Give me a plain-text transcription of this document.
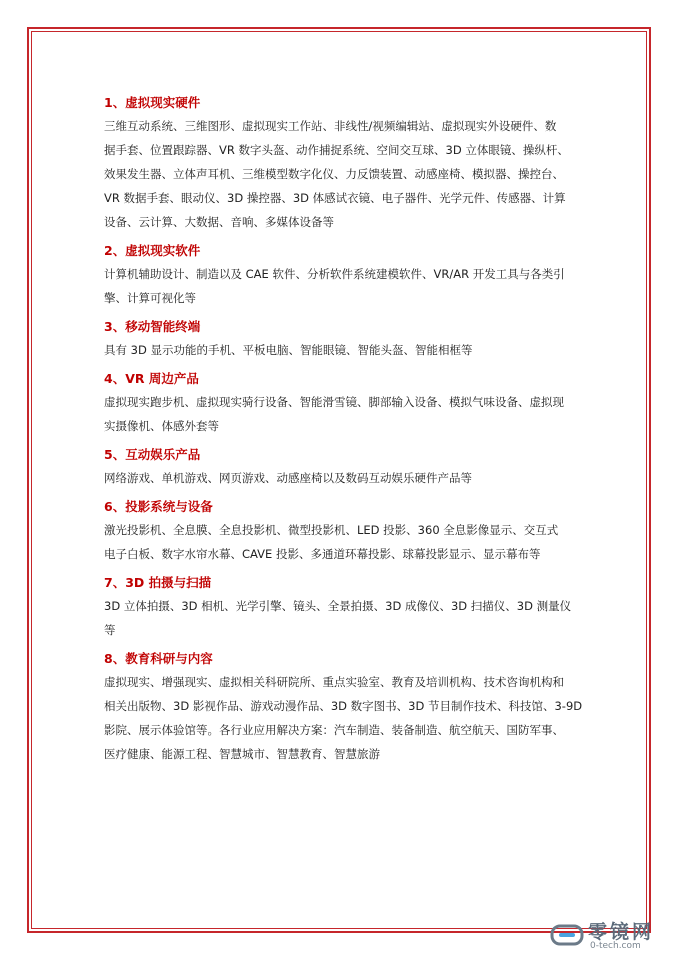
1、虚拟现实硬件
三维互动系统、三维图形、虚拟现实工作站、非线性/视频编辑站、虚拟现实外设硬件、数
据手套、位置跟踪器、VR 数字头盔、动作捕捉系统、空间交互球、3D 立体眼镜、操纵杆、
效果发生器、立体声耳机、三维模型数字化仪、力反馈装置、动感座椅、模拟器、操控台、
VR 数据手套、眼动仪、3D 操控器、3D 体感试衣镜、电子器件、光学元件、传感器、计算
设备、云计算、大数据、音响、多媒体设备等
2、虚拟现实软件
计算机辅助设计、制造以及 CAE 软件、分析软件系统建模软件、VR/AR 开发工具与各类引
擎、计算可视化等
3、移动智能终端
具有 3D 显示功能的手机、平板电脑、智能眼镜、智能头盔、智能相框等
4、VR 周边产品
虚拟现实跑步机、虚拟现实骑行设备、智能滑雪镜、脚部输入设备、模拟气味设备、虚拟现
实摄像机、体感外套等
5、互动娱乐产品
网络游戏、单机游戏、网页游戏、动感座椅以及数码互动娱乐硬件产品等
6、投影系统与设备
激光投影机、全息膜、全息投影机、微型投影机、LED 投影、360 全息影像显示、交互式
电子白板、数字水帘水幕、CAVE 投影、多通道环幕投影、球幕投影显示、显示幕布等
7、3D 拍摄与扫描
3D 立体拍摄、3D 相机、光学引擎、镜头、全景拍摄、3D 成像仪、3D 扫描仪、3D 测量仪
等
8、教育科研与内容
虚拟现实、增强现实、虚拟相关科研院所、重点实验室、教育及培训机构、技术咨询机构和
相关出版物、3D 影视作品、游戏动漫作品、3D 数字图书、3D 节目制作技术、科技馆、3-9D
影院、展示体验馆等。各行业应用解决方案：汽车制造、装备制造、航空航天、国防军事、
医疗健康、能源工程、智慧城市、智慧教育、智慧旅游
零镜网
0-tech.com
